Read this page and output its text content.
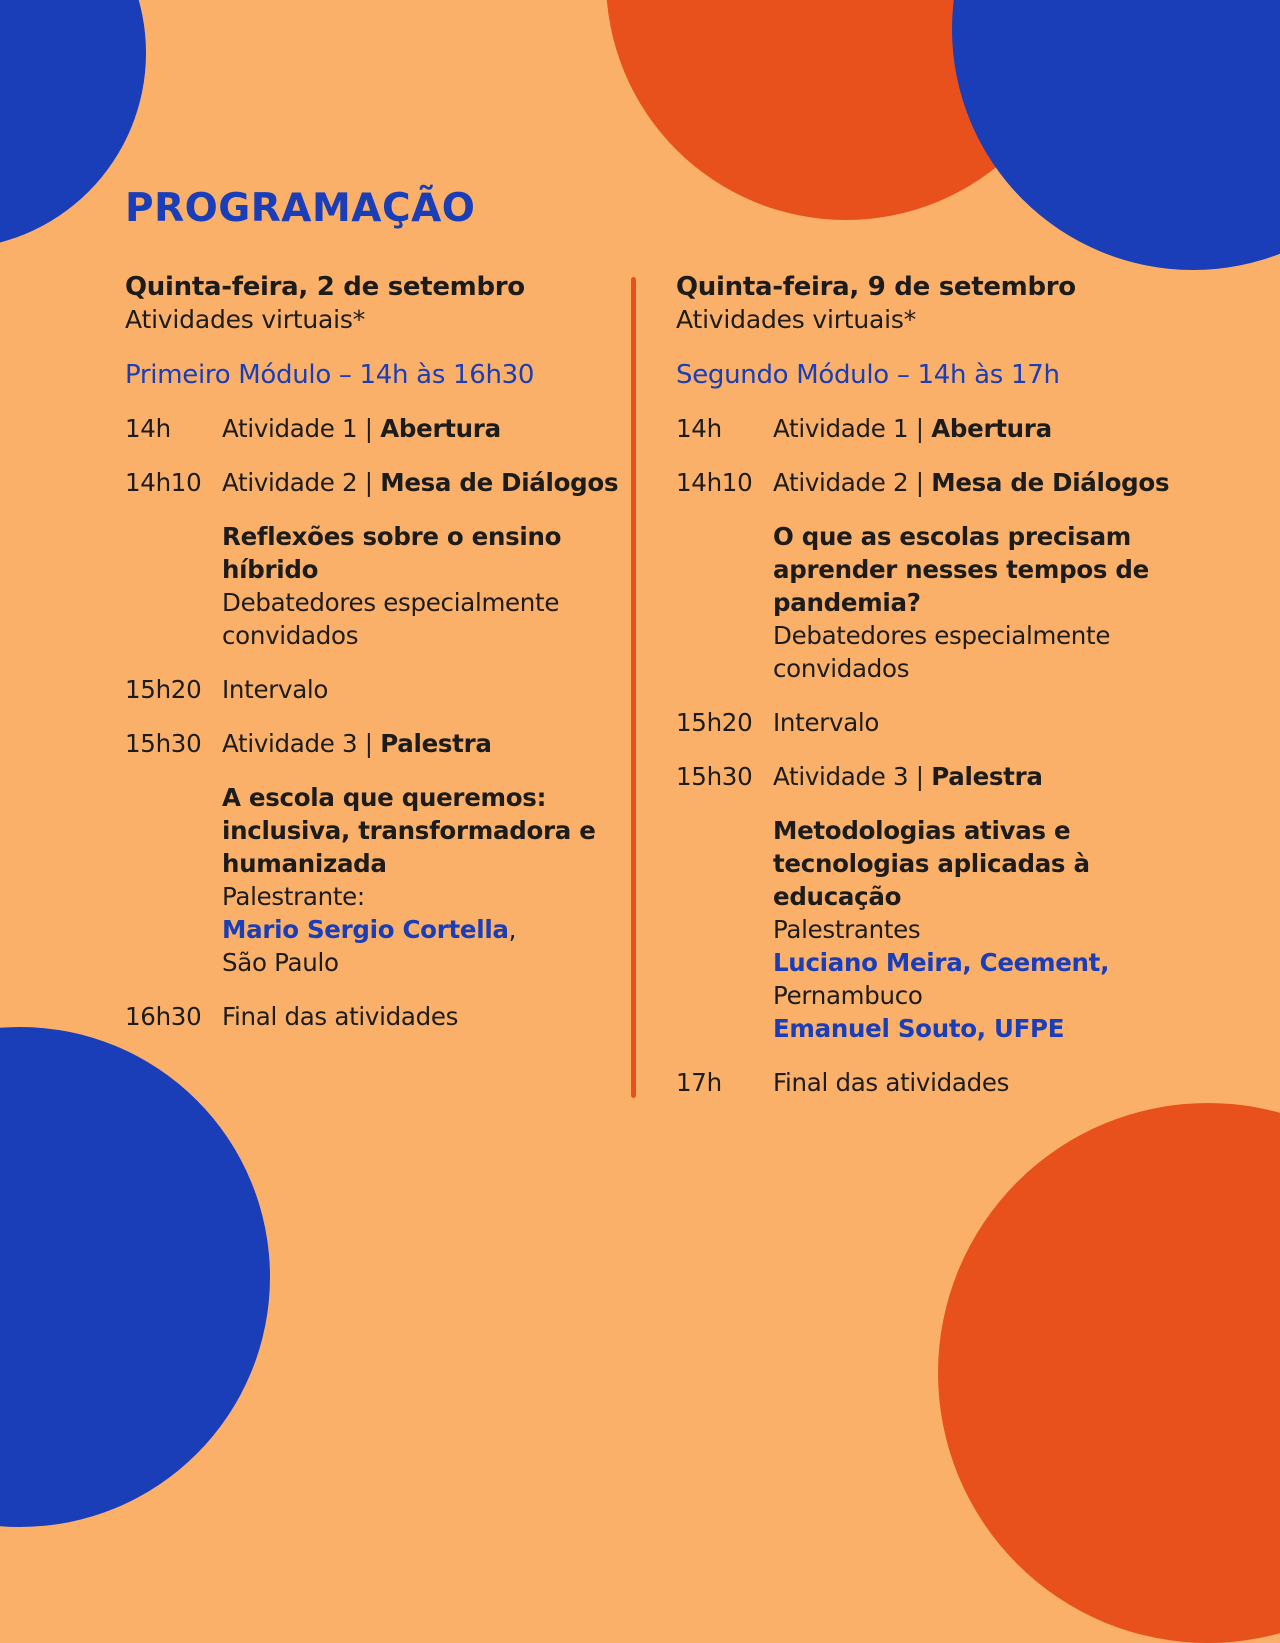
PROGRAMAÇÃO
Quinta-feira, 2 de setembro
Atividades virtuais*
Primeiro Módulo – 14h às 16h30
14h	Atividade 1 | Abertura
14h10 Atividade 2 | Mesa de Diálogos
Reflexões sobre o ensino híbrido
Debatedores especialmente convidados
15h20 Intervalo
15h30 Atividade 3 | Palestra
A escola que queremos: inclusiva, transformadora e humanizada
Palestrante:
Mario Sergio Cortella,
São Paulo
16h30 Final das atividades
Quinta-feira, 9 de setembro
Atividades virtuais*
Segundo Módulo – 14h às 17h
14h	Atividade 1 | Abertura
14h10 Atividade 2 | Mesa de Diálogos
O que as escolas precisam aprender nesses tempos de pandemia?
Debatedores especialmente convidados
15h20 Intervalo
15h30 Atividade 3 | Palestra
Metodologias ativas e tecnologias aplicadas à educação
Palestrantes
Luciano Meira, Ceement,
Pernambuco
Emanuel Souto, UFPE
17h	Final das atividades
